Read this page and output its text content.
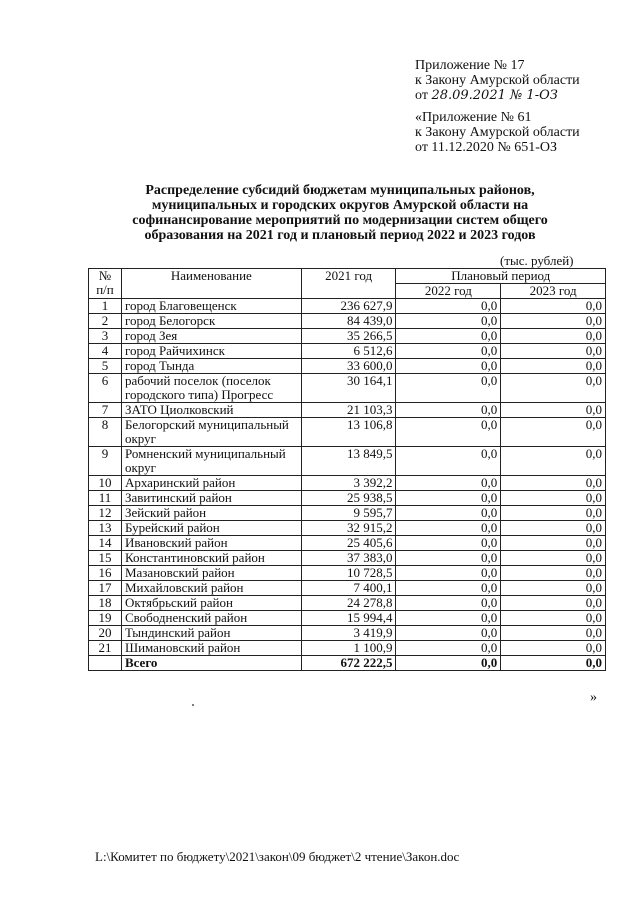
Приложение № 17
к Закону Амурской области
от 28.09.2021 № 1-ОЗ
«Приложение № 61
к Закону Амурской области
от 11.12.2020 № 651-ОЗ
Распределение субсидий бюджетам муниципальных районов, муниципальных и городских округов Амурской области на софинансирование мероприятий по модернизации систем общего образования на 2021 год и плановый период 2022 и 2023 годов
(тыс. рублей)
№ п/п	Наименование	2021 год	Плановый период	
			2022 год	2023 год
1	город Благовещенск	236 627,9	0,0	0,0
2	город Белогорск	84 439,0	0,0	0,0
3	город Зея	35 266,5	0,0	0,0
4	город Райчихинск	6 512,6	0,0	0,0
5	город Тында	33 600,0	0,0	0,0
6	рабочий поселок (поселок городского типа) Прогресс	30 164,1	0,0	0,0
7	ЗАТО Циолковский	21 103,3	0,0	0,0
8	Белогорский муниципальный округ	13 106,8	0,0	0,0
9	Ромненский муниципальный округ	13 849,5	0,0	0,0
10	Архаринский район	3 392,2	0,0	0,0
11	Завитинский район	25 938,5	0,0	0,0
12	Зейский район	9 595,7	0,0	0,0
13	Бурейский район	32 915,2	0,0	0,0
14	Ивановский район	25 405,6	0,0	0,0
15	Константиновский район	37 383,0	0,0	0,0
16	Мазановский район	10 728,5	0,0	0,0
17	Михайловский район	7 400,1	0,0	0,0
18	Октябрьский район	24 278,8	0,0	0,0
19	Свободненский район	15 994,4	0,0	0,0
20	Тындинский район	3 419,9	0,0	0,0
21	Шимановский район	1 100,9	0,0	0,0
	Всего	672 222,5	0,0	0,0
»
L:\Комитет по бюджету\2021\закон\09 бюджет\2 чтение\Закон.doc
